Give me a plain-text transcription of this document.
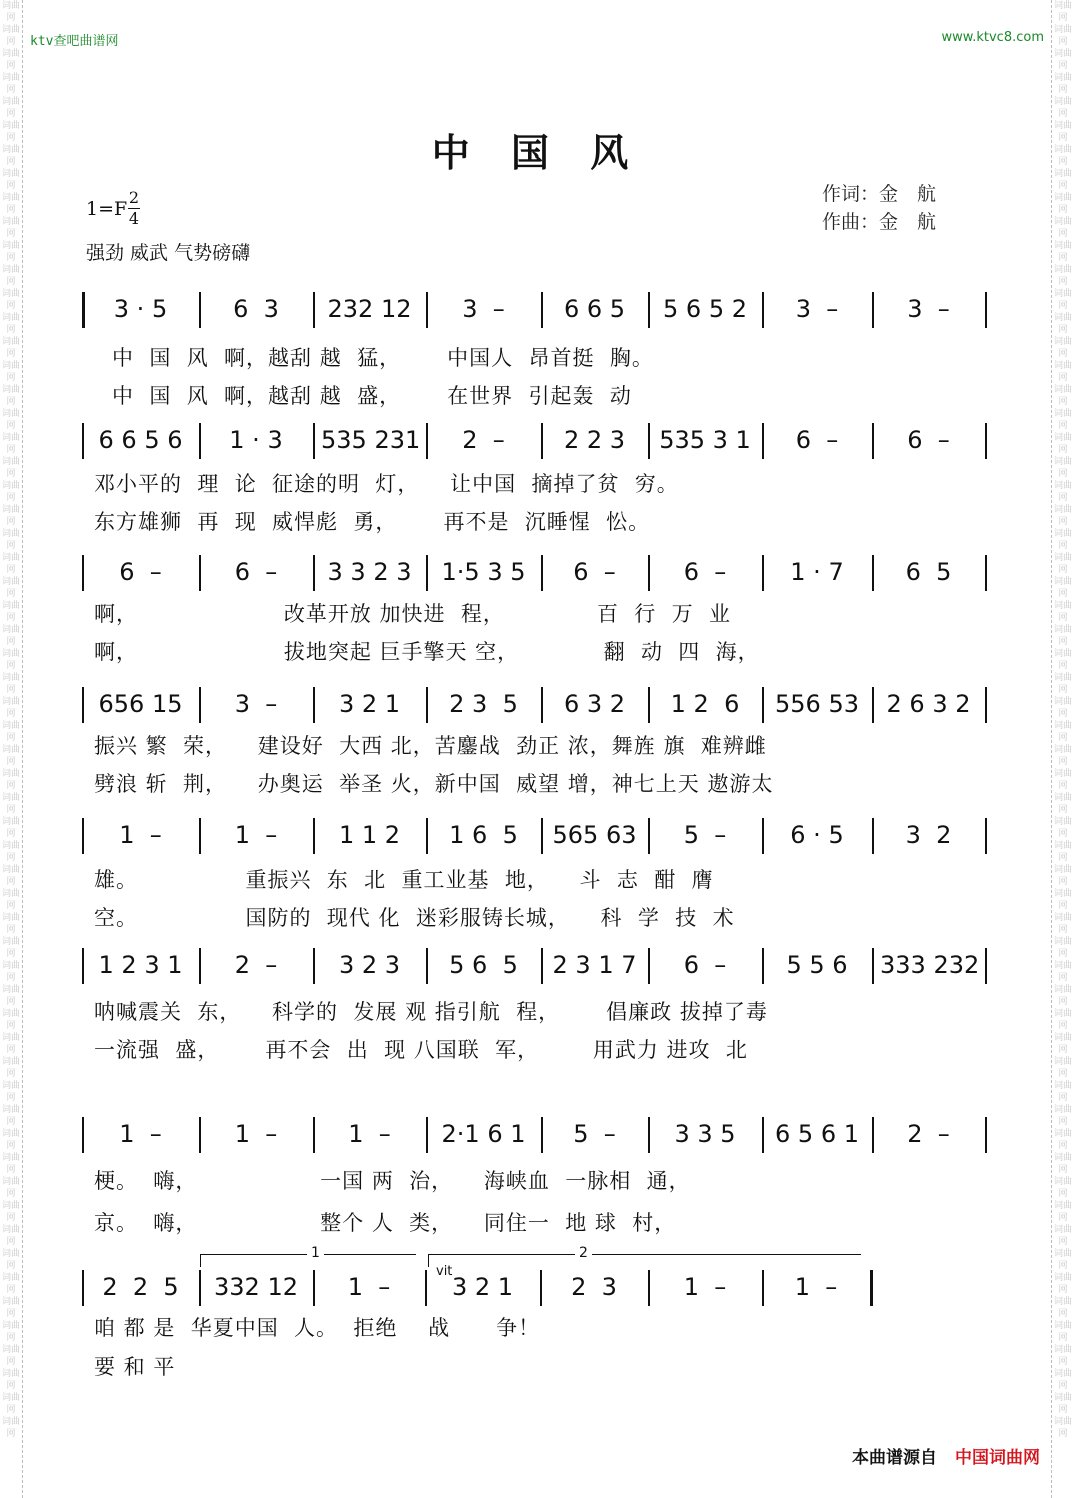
词曲网
词曲网
词曲网
词曲网
词曲网
词曲网
词曲网
词曲网
词曲网
词曲网
词曲网
词曲网
词曲网
词曲网
词曲网
词曲网
词曲网
词曲网
词曲网
词曲网
词曲网
词曲网
词曲网
词曲网
词曲网
词曲网
词曲网
词曲网
词曲网
词曲网
词曲网
词曲网
词曲网
词曲网
词曲网
词曲网
词曲网
词曲网
词曲网
词曲网
词曲网
词曲网
词曲网
词曲网
词曲网
词曲网
词曲网
词曲网
词曲网
词曲网
词曲网
词曲网
词曲网
词曲网
词曲网
词曲网
词曲网
词曲网
词曲网
词曲网

词曲网
词曲网
词曲网
词曲网
词曲网
词曲网
词曲网
词曲网
词曲网
词曲网
词曲网
词曲网
词曲网
词曲网
词曲网
词曲网
词曲网
词曲网
词曲网
词曲网
词曲网
词曲网
词曲网
词曲网
词曲网
词曲网
词曲网
词曲网
词曲网
词曲网
词曲网
词曲网
词曲网
词曲网
词曲网
词曲网
词曲网
词曲网
词曲网
词曲网
词曲网
词曲网
词曲网
词曲网
词曲网
词曲网
词曲网
词曲网
词曲网
词曲网
词曲网
词曲网
词曲网
词曲网
词曲网
词曲网
词曲网
词曲网
词曲网
词曲网

ktv查吧曲谱网	www.ktvc8.com
中 国 风
作词：金　航
作曲：金　航
1=F
2
4
强劲 威武 气势磅礴
3 · 5	6  3	232 12	3  –	6 6 5	5 6 5 2	3  –	3  –
中  国  风  啊，越刮 越  猛，      中国人  昂首挺  胸。
中  国  风  啊，越刮 越  盛，      在世界  引起轰  动
6 6 5 6	1 · 3	535 231	2  –	2 2 3	535 3 1	6  –	6  –
邓小平的  理  论  征途的明  灯，    让中国  摘掉了贫  穷。
东方雄狮  再  现  威悍彪  勇，      再不是  沉睡惺  忪。
6  –	6  –	3 3 2 3	1·5 3 5	6  –	6  –	1 · 7	6  5
啊，                   改革开放 加快进  程，            百  行  万  业
啊，                   拔地突起 巨手擎天 空，           翻  动  四  海，
656 15	3  –	3 2 1	2 3  5	6 3 2	1 2  6	556 53 2 6 3 2
振兴 繁  荣，    建设好  大西 北，苦鏖战  劲正 浓，舞旌 旗  难辨雌
劈浪 斩  荆，    办奥运  举圣 火，新中国  威望 增，神七上天 遨游太
1  –	1  –	1 1 2	1 6  5	565 63	5  –	6 · 5	3  2
雄。              重振兴  东  北  重工业基  地，    斗  志  酣  膺
空。              国防的  现代 化  迷彩服铸长城，    科  学  技  术
1 2 3 1	2  –	3 2 3	5 6  5	2 3 1 7	6  –	5 5 6	333 232
呐喊震关  东，    科学的  发展 观 指引航  程，      倡廉政 拔掉了毒
一流强  盛，      再不会  出  现 八国联  军，       用武力 进攻  北
1  –	1  –	1  –	2·1 6 1	5  –	3 3 5	6 5 6 1	2  –
梗。  嗨，                一国 两  治，    海峡血  一脉相  通，
京。  嗨，                整个 人  类，    同住一  地 球  村，
2  2  5	332 12	1  –	3 2 1	2  3	1  –	1  –
咱 都 是  华夏中国  人。  拒绝    战      争！
要 和 平
1	2
vit
本曲谱源自 中国词曲网
